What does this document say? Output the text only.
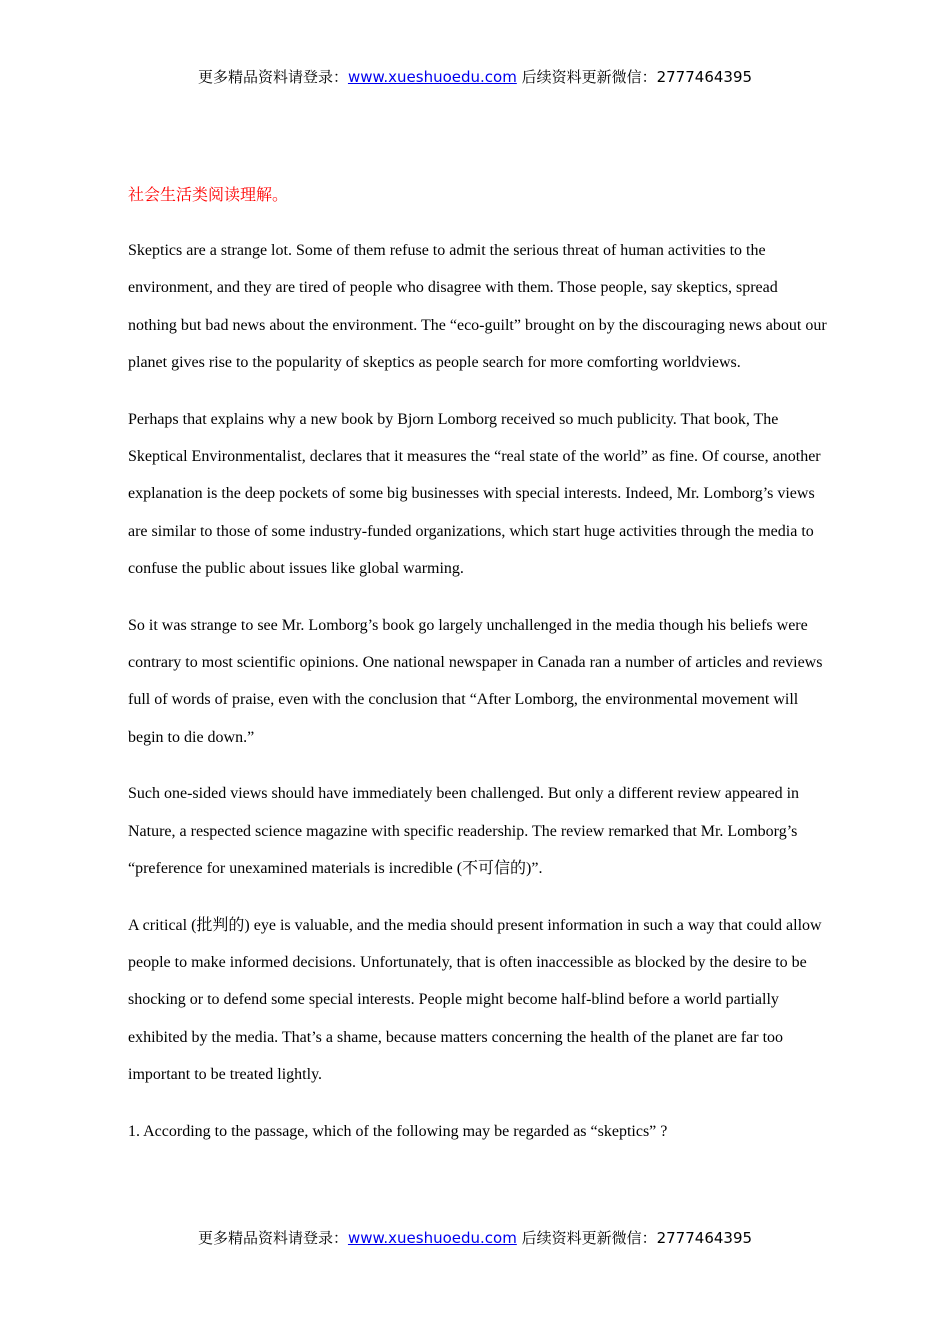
更多精品资料请登录：www.xueshuoedu.com 后续资料更新微信：2777464395
社会生活类阅读理解。

Skeptics are a strange lot. Some of them refuse to admit the serious threat of human activities to the environment, and they are tired of people who disagree with them. Those people, say skeptics, spread nothing but bad news about the environment. The “eco-guilt” brought on by the discouraging news about our planet gives rise to the popularity of skeptics as people search for more comforting worldviews.

Perhaps that explains why a new book by Bjorn Lomborg received so much publicity. That book, The Skeptical Environmentalist, declares that it measures the “real state of the world” as fine. Of course, another explanation is the deep pockets of some big businesses with special interests. Indeed, Mr. Lomborg’s views are similar to those of some industry-funded organizations, which start huge activities through the media to confuse the public about issues like global warming.

So it was strange to see Mr. Lomborg’s book go largely unchallenged in the media though his beliefs were contrary to most scientific opinions. One national newspaper in Canada ran a number of articles and reviews full of words of praise, even with the conclusion that “After Lomborg, the environmental movement will begin to die down.”

Such one-sided views should have immediately been challenged. But only a different review appeared in Nature, a respected science magazine with specific readership. The review remarked that Mr. Lomborg’s “preference for unexamined materials is incredible (不可信的)”.

A critical (批判的) eye is valuable, and the media should present information in such a way that could allow people to make informed decisions. Unfortunately, that is often inaccessible as blocked by the desire to be shocking or to defend some special interests. People might become half-blind before a world partially exhibited by the media. That’s a shame, because matters concerning the health of the planet are far too important to be treated lightly.

1. According to the passage, which of the following may be regarded as “skeptics” ?

更多精品资料请登录：www.xueshuoedu.com 后续资料更新微信：2777464395
